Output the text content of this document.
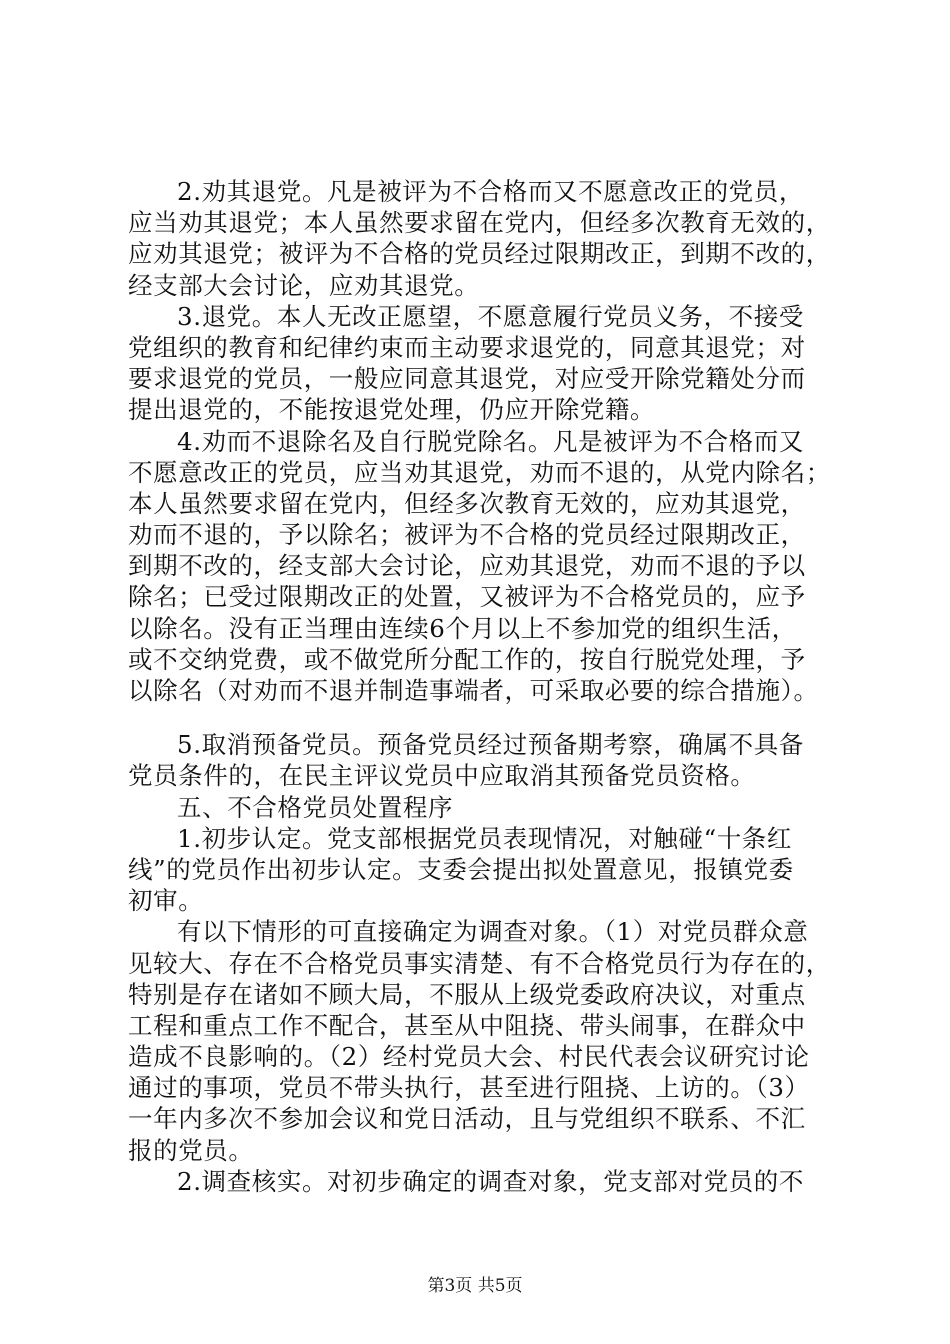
2.劝其退党。凡是被评为不合格而又不愿意改正的党员，
应当劝其退党；本人虽然要求留在党内，但经多次教育无效的，
应劝其退党；被评为不合格的党员经过限期改正，到期不改的，
经支部大会讨论，应劝其退党。
3.退党。本人无改正愿望，不愿意履行党员义务，不接受
党组织的教育和纪律约束而主动要求退党的，同意其退党；对
要求退党的党员，一般应同意其退党，对应受开除党籍处分而
提出退党的，不能按退党处理，仍应开除党籍。
4.劝而不退除名及自行脱党除名。凡是被评为不合格而又
不愿意改正的党员，应当劝其退党，劝而不退的，从党内除名；
本人虽然要求留在党内，但经多次教育无效的，应劝其退党，
劝而不退的，予以除名；被评为不合格的党员经过限期改正，
到期不改的，经支部大会讨论，应劝其退党，劝而不退的予以
除名；已受过限期改正的处置，又被评为不合格党员的，应予
以除名。没有正当理由连续6个月以上不参加党的组织生活，
或不交纳党费，或不做党所分配工作的，按自行脱党处理，予
以除名（对劝而不退并制造事端者，可采取必要的综合措施）。
5.取消预备党员。预备党员经过预备期考察，确属不具备
党员条件的，在民主评议党员中应取消其预备党员资格。
五、不合格党员处置程序
1.初步认定。党支部根据党员表现情况，对触碰“十条红
线”的党员作出初步认定。支委会提出拟处置意见，报镇党委
初审。
有以下情形的可直接确定为调查对象。（1）对党员群众意
见较大、存在不合格党员事实清楚、有不合格党员行为存在的，
特别是存在诸如不顾大局，不服从上级党委政府决议，对重点
工程和重点工作不配合，甚至从中阻挠、带头闹事，在群众中
造成不良影响的。（2）经村党员大会、村民代表会议研究讨论
通过的事项，党员不带头执行，甚至进行阻挠、上访的。（3）
一年内多次不参加会议和党日活动，且与党组织不联系、不汇
报的党员。
2.调查核实。对初步确定的调查对象，党支部对党员的不
第3页 共5页
